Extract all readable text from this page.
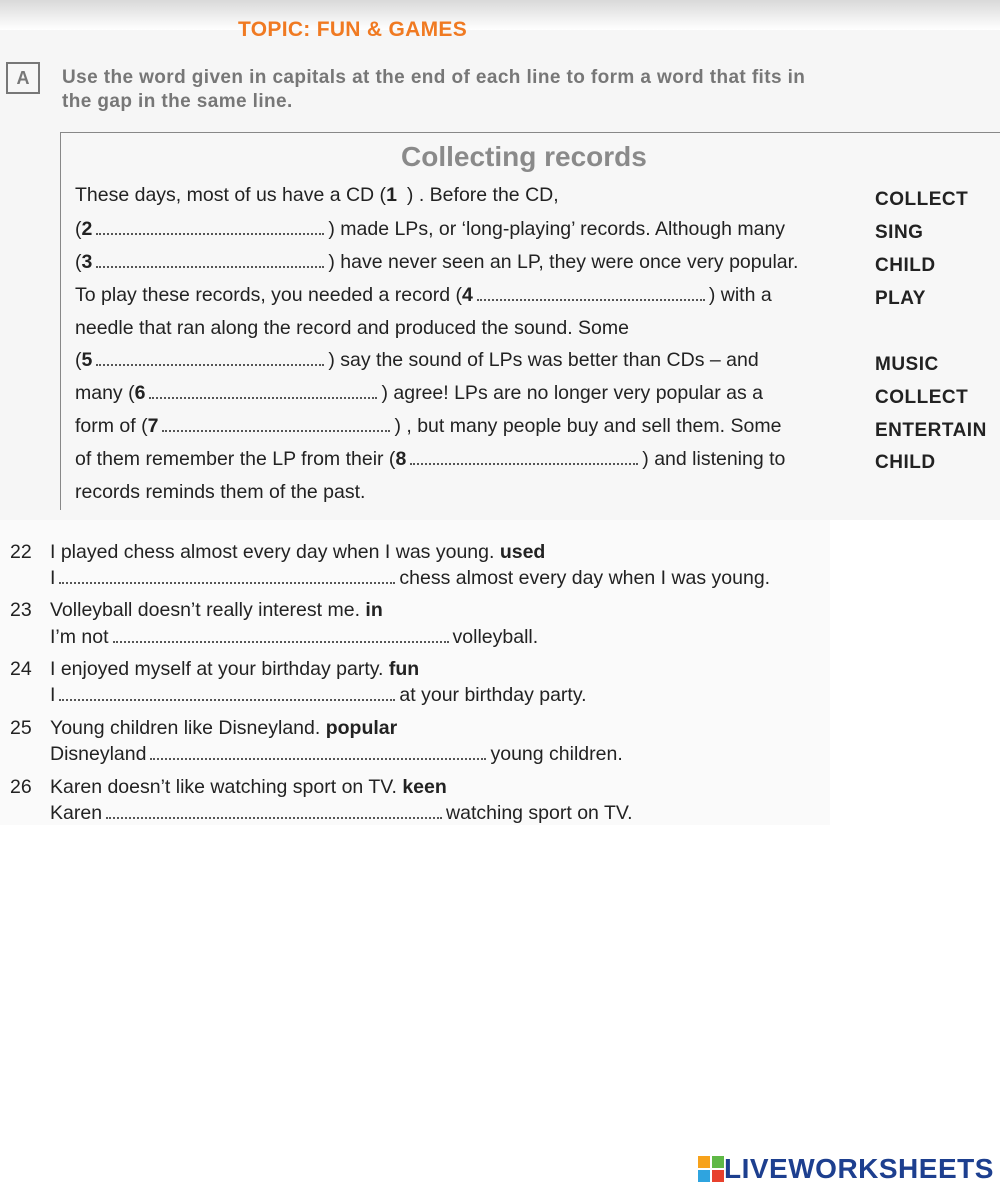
TOPIC: FUN & GAMES
A Use the word given in capitals at the end of each line to form a word that fits in
the gap in the same line.
Collecting records
These days, most of us have a CD (1 ) . Before the CD,	COLLECT
(2	) made LPs, or ‘long-playing’ records. Although many	SING
(3	) have never seen an LP, they were once very popular.	CHILD
To play these records, you needed a record (4	) with a	PLAY
needle that ran along the record and produced the sound. Some
(5	) say the sound of LPs was better than CDs – and	MUSIC
many (6	) agree! LPs are no longer very popular as a	COLLECT
form of (7	) , but many people buy and sell them. Some	ENTERTAIN
of them remember the LP from their (8	) and listening to	CHILD
records reminds them of the past.
22 I played chess almost every day when I was young. used
I	chess almost every day when I was young.
23 Volleyball doesn’t really interest me. in
I’m not	volleyball.
24 I enjoyed myself at your birthday party. fun
I	at your birthday party.
25 Young children like Disneyland. popular
Disneyland	young children.
26 Karen doesn’t like watching sport on TV. keen
Karen	watching sport on TV.
LIVEWORKSHEETS
